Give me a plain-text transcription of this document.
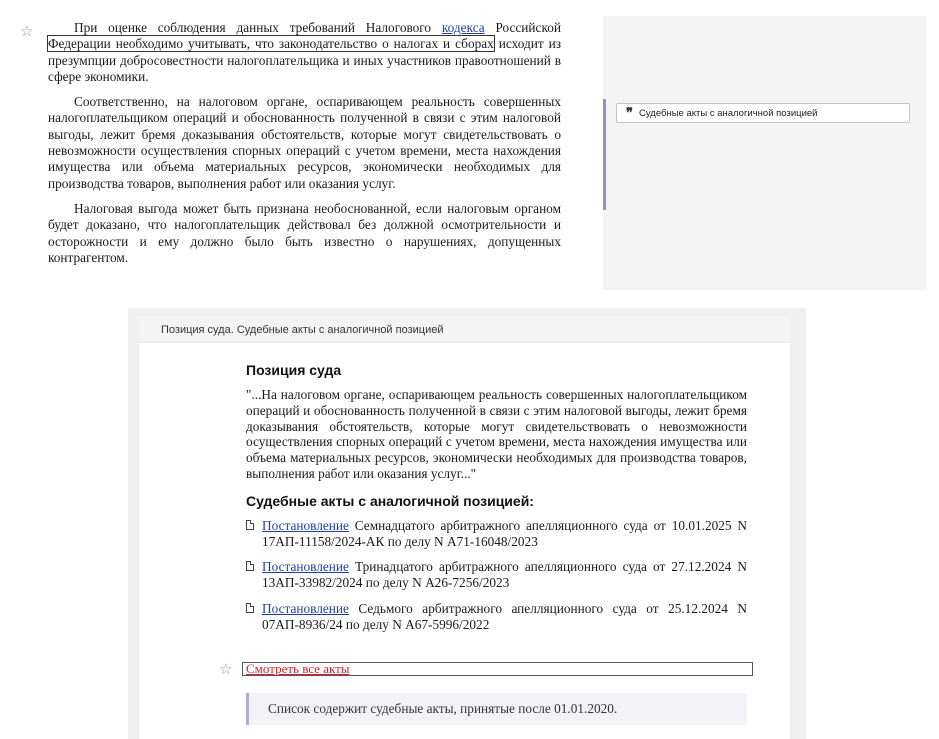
☆	При оценке соблюдения данных требований Налогового кодекса Российской Федерации необходимо учитывать, что законодательство о налогах и сборах исходит из презумпции добросовестности налогоплательщика и иных участников правоотношений в сфере экономики.

Соответственно, на налоговом органе, оспаривающем реальность совершенных налогоплательщиком операций и обоснованность полученной в связи с этим налоговой выгоды, лежит бремя доказывания обстоятельств, которые могут свидетельствовать о невозможности осуществления спорных операций с учетом времени, места нахождения имущества или объема материальных ресурсов, экономически необходимых для производства товаров, выполнения работ или оказания услуг.

Налоговая выгода может быть признана необоснованной, если налоговым органом будет доказано, что налогоплательщик действовал без должной осмотрительности и осторожности и ему должно было быть известно о нарушениях, допущенных контрагентом.

❞ Судебные акты с аналогичной позицией
Позиция суда. Судебные акты с аналогичной позицией
Позиция суда
"...На налоговом органе, оспаривающем реальность совершенных налогоплательщиком операций и обоснованность полученной в связи с этим налоговой выгоды, лежит бремя доказывания обстоятельств, которые могут свидетельствовать о невозможности осуществления спорных операций с учетом времени, места нахождения имущества или объема материальных ресурсов, экономически необходимых для производства товаров, выполнения работ или оказания услуг..."
Судебные акты с аналогичной позицией:
Постановление Семнадцатого арбитражного апелляционного суда от 10.01.2025 N 17АП-11158/2024-АК по делу N А71-16048/2023
Постановление Тринадцатого арбитражного апелляционного суда от 27.12.2024 N 13АП-33982/2024 по делу N А26-7256/2023
Постановление Седьмого арбитражного апелляционного суда от 25.12.2024 N 07АП-8936/24 по делу N А67-5996/2022
☆	Смотреть все акты
Список содержит судебные акты, принятые после 01.01.2020.
